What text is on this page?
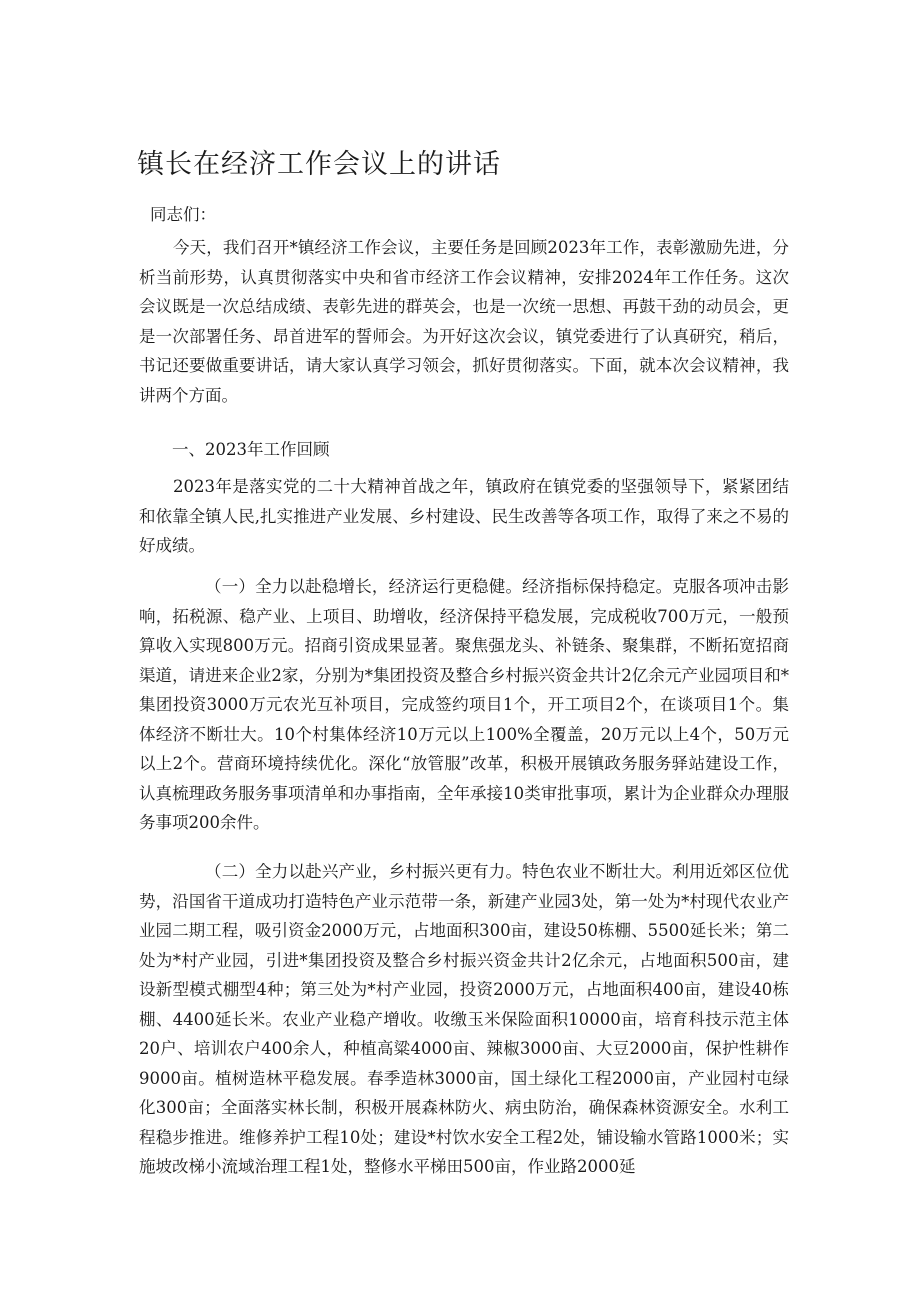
镇长在经济工作会议上的讲话
同志们：

今天，我们召开*镇经济工作会议，主要任务是回顾2023年工作，表彰激励先进，分析当前形势，认真贯彻落实中央和省市经济工作会议精神，安排2024年工作任务。这次会议既是一次总结成绩、表彰先进的群英会，也是一次统一思想、再鼓干劲的动员会，更是一次部署任务、昂首进军的誓师会。为开好这次会议，镇党委进行了认真研究，稍后，书记还要做重要讲话，请大家认真学习领会，抓好贯彻落实。下面，就本次会议精神，我讲两个方面。

一、2023年工作回顾

2023年是落实党的二十大精神首战之年，镇政府在镇党委的坚强领导下，紧紧团结和依靠全镇人民,扎实推进产业发展、乡村建设、民生改善等各项工作，取得了来之不易的好成绩。

（一）全力以赴稳增长，经济运行更稳健。经济指标保持稳定。克服各项冲击影响，拓税源、稳产业、上项目、助增收，经济保持平稳发展，完成税收700万元，一般预算收入实现800万元。招商引资成果显著。聚焦强龙头、补链条、聚集群，不断拓宽招商渠道，请进来企业2家，分别为*集团投资及整合乡村振兴资金共计2亿余元产业园项目和*集团投资3000万元农光互补项目，完成签约项目1个，开工项目2个，在谈项目1个。集体经济不断壮大。10个村集体经济10万元以上100%全覆盖，20万元以上4个，50万元以上2个。营商环境持续优化。深化“放管服”改革，积极开展镇政务服务驿站建设工作，认真梳理政务服务事项清单和办事指南，全年承接10类审批事项，累计为企业群众办理服务事项200余件。

（二）全力以赴兴产业，乡村振兴更有力。特色农业不断壮大。利用近郊区位优势，沿国省干道成功打造特色产业示范带一条，新建产业园3处，第一处为*村现代农业产业园二期工程，吸引资金2000万元，占地面积300亩，建设50栋棚、5500延长米；第二处为*村产业园，引进*集团投资及整合乡村振兴资金共计2亿余元，占地面积500亩，建设新型模式棚型4种；第三处为*村产业园，投资2000万元，占地面积400亩，建设40栋棚、4400延长米。农业产业稳产增收。收缴玉米保险面积10000亩，培育科技示范主体20户、培训农户400余人，种植高粱4000亩、辣椒3000亩、大豆2000亩，保护性耕作9000亩。植树造林平稳发展。春季造林3000亩，国土绿化工程2000亩，产业园村屯绿化300亩；全面落实林长制，积极开展森林防火、病虫防治，确保森林资源安全。水利工程稳步推进。维修养护工程10处；建设*村饮水安全工程2处，铺设输水管路1000米；实施坡改梯小流域治理工程1处，整修水平梯田500亩，作业路2000延
